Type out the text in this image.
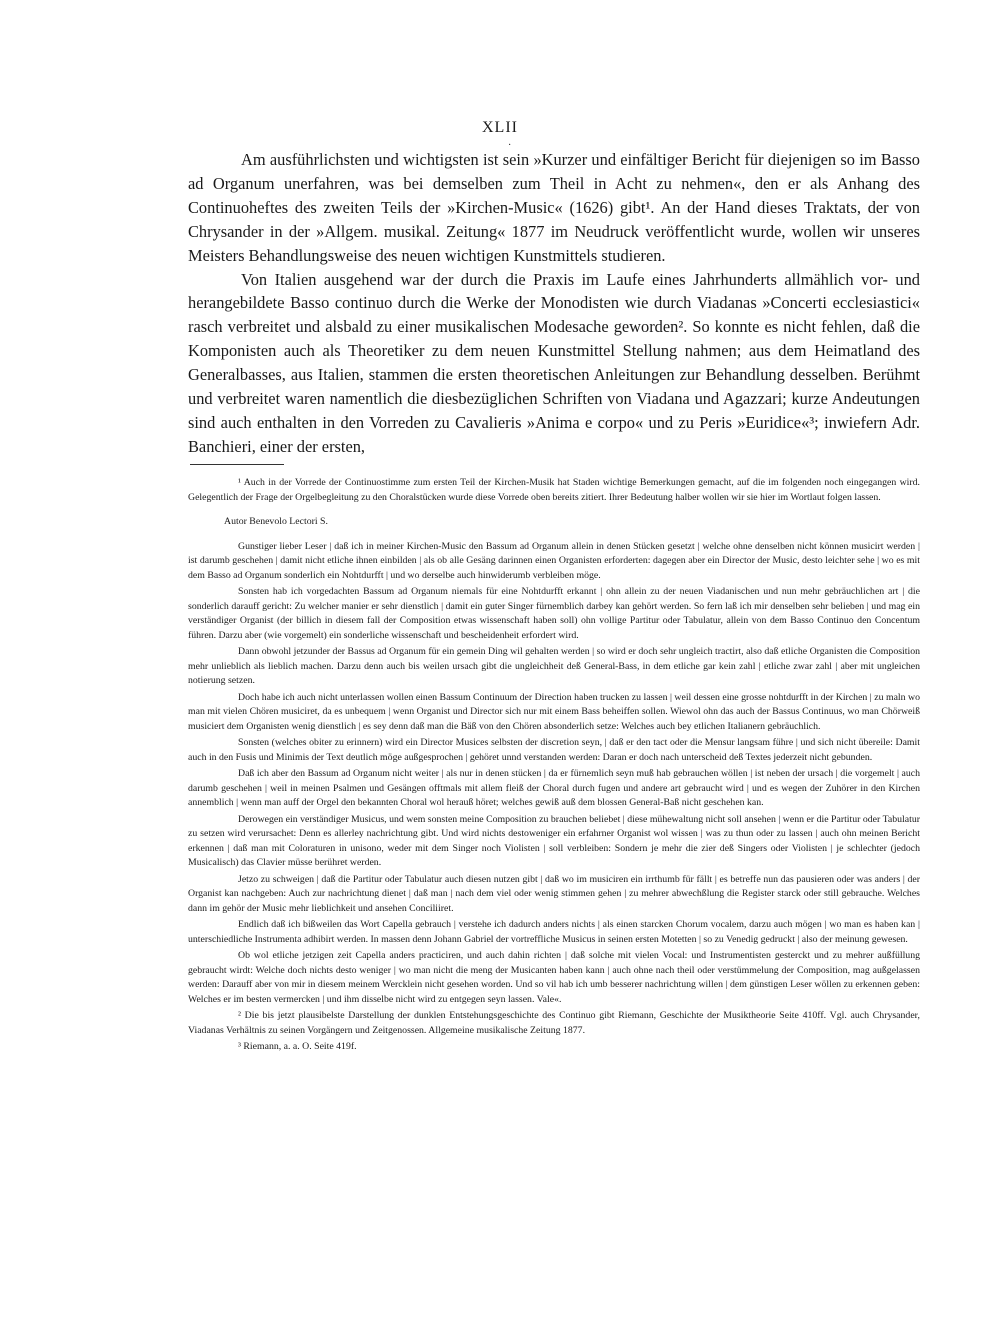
XLII
·

Am ausführlichsten und wichtigsten ist sein »Kurzer und einfältiger Bericht für diejenigen so im Basso ad Organum unerfahren, was bei demselben zum Theil in Acht zu nehmen«, den er als Anhang des Continuoheftes des zweiten Teils der »Kirchen-Music« (1626) gibt¹. An der Hand dieses Traktats, der von Chrysander in der »Allgem. musikal. Zeitung« 1877 im Neudruck veröffentlicht wurde, wollen wir unseres Meisters Behandlungsweise des neuen wichtigen Kunstmittels studieren.

Von Italien ausgehend war der durch die Praxis im Laufe eines Jahrhunderts allmählich vor- und herangebildete Basso continuo durch die Werke der Monodisten wie durch Viadanas »Concerti ecclesiastici« rasch verbreitet und alsbald zu einer musikalischen Modesache geworden². So konnte es nicht fehlen, daß die Komponisten auch als Theoretiker zu dem neuen Kunstmittel Stellung nahmen; aus dem Heimatland des Generalbasses, aus Italien, stammen die ersten theoretischen Anleitungen zur Behandlung desselben. Berühmt und verbreitet waren namentlich die diesbezüglichen Schriften von Viadana und Agazzari; kurze Andeutungen sind auch enthalten in den Vorreden zu Cavalieris »Anima e corpo« und zu Peris »Euridice«³; inwiefern Adr. Banchieri, einer der ersten,

¹ Auch in der Vorrede der Continuostimme zum ersten Teil der Kirchen-Musik hat Staden wichtige Bemerkungen gemacht, auf die im folgenden noch eingegangen wird. Gelegentlich der Frage der Orgelbegleitung zu den Choralstücken wurde diese Vorrede oben bereits zitiert. Ihrer Bedeutung halber wollen wir sie hier im Wortlaut folgen lassen.

Autor Benevolo Lectori S.

Gunstiger lieber Leser | daß ich in meiner Kirchen-Music den Bassum ad Organum allein in denen Stücken gesetzt | welche ohne denselben nicht können musicirt werden | ist darumb geschehen | damit nicht etliche ihnen einbilden | als ob alle Gesäng darinnen einen Organisten erforderten: dagegen aber ein Director der Music, desto leichter sehe | wo es mit dem Basso ad Organum sonderlich ein Nohtdurfft | und wo derselbe auch hinwiderumb verbleiben möge.

Sonsten hab ich vorgedachten Bassum ad Organum niemals für eine Nohtdurfft erkannt | ohn allein zu der neuen Viadanischen und nun mehr gebräuchlichen art | die sonderlich darauff gericht: Zu welcher manier er sehr dienstlich | damit ein guter Singer fürnemblich darbey kan gehört werden. So fern laß ich mir denselben sehr belieben | und mag ein verständiger Organist (der billich in diesem fall der Composition etwas wissenschaft haben soll) ohn vollige Partitur oder Tabulatur, allein von dem Basso Continuo den Concentum führen. Darzu aber (wie vorgemelt) ein sonderliche wissenschaft und bescheidenheit erfordert wird.

Dann obwohl jetzunder der Bassus ad Organum für ein gemein Ding wil gehalten werden | so wird er doch sehr ungleich tractirt, also daß etliche Organisten die Composition mehr unlieblich als lieblich machen. Darzu denn auch bis weilen ursach gibt die ungleichheit deß General-Bass, in dem etliche gar kein zahl | etliche zwar zahl | aber mit ungleichen notierung setzen.

Doch habe ich auch nicht unterlassen wollen einen Bassum Continuum der Direction haben trucken zu lassen | weil dessen eine grosse nohtdurfft in der Kirchen | zu maln wo man mit vielen Chören musiciret, da es unbequem | wenn Organist und Director sich nur mit einem Bass beheiffen sollen. Wiewol ohn das auch der Bassus Continuus, wo man Chörweiß musiciert dem Organisten wenig dienstlich | es sey denn daß man die Bäß von den Chören absonderlich setze: Welches auch bey etlichen Italianern gebräuchlich.

Sonsten (welches obiter zu erinnern) wird ein Director Musices selbsten der discretion seyn, | daß er den tact oder die Mensur langsam führe | und sich nicht übereile: Damit auch in den Fusis und Minimis der Text deutlich möge außgesprochen | gehöret unnd verstanden werden: Daran er doch nach unterscheid deß Textes jederzeit nicht gebunden.

Daß ich aber den Bassum ad Organum nicht weiter | als nur in denen stücken | da er fürnemlich seyn muß hab gebrauchen wöllen | ist neben der ursach | die vorgemelt | auch darumb geschehen | weil in meinen Psalmen und Gesängen offtmals mit allem fleiß der Choral durch fugen und andere art gebraucht wird | und es wegen der Zuhörer in den Kirchen annemblich | wenn man auff der Orgel den bekannten Choral wol herauß höret; welches gewiß auß dem blossen General-Baß nicht geschehen kan.

Derowegen ein verständiger Musicus, und wem sonsten meine Composition zu brauchen beliebet | diese mühewaltung nicht soll ansehen | wenn er die Partitur oder Tabulatur zu setzen wird verursachet: Denn es allerley nachrichtung gibt. Und wird nichts destoweniger ein erfahrner Organist wol wissen | was zu thun oder zu lassen | auch ohn meinen Bericht erkennen | daß man mit Coloraturen in unisono, weder mit dem Singer noch Violisten | soll verbleiben: Sondern je mehr die zier deß Singers oder Violisten | je schlechter (jedoch Musicalisch) das Clavier müsse berühret werden.

Jetzo zu schweigen | daß die Partitur oder Tabulatur auch diesen nutzen gibt | daß wo im musiciren ein irrthumb für fällt | es betreffe nun das pausieren oder was anders | der Organist kan nachgeben: Auch zur nachrichtung dienet | daß man | nach dem viel oder wenig stimmen gehen | zu mehrer abwechßlung die Register starck oder still gebrauche. Welches dann im gehör der Music mehr lieblichkeit und ansehen Conciliiret.

Endlich daß ich bißweilen das Wort Capella gebrauch | verstehe ich dadurch anders nichts | als einen starcken Chorum vocalem, darzu auch mögen | wo man es haben kan | unterschiedliche Instrumenta adhibirt werden. In massen denn Johann Gabriel der vortreffliche Musicus in seinen ersten Motetten | so zu Venedig gedruckt | also der meinung gewesen.

Ob wol etliche jetzigen zeit Capella anders practiciren, und auch dahin richten | daß solche mit vielen Vocal: und Instrumentisten gesterckt und zu mehrer außfüllung gebraucht wirdt: Welche doch nichts desto weniger | wo man nicht die meng der Musicanten haben kann | auch ohne nach theil oder verstümmelung der Composition, mag außgelassen werden: Darauff aber von mir in diesem meinem Wercklein nicht gesehen worden. Und so vil hab ich umb besserer nachrichtung willen | dem günstigen Leser wöllen zu erkennen geben: Welches er im besten vermercken | und ihm disselbe nicht wird zu entgegen seyn lassen. Vale«.

² Die bis jetzt plausibelste Darstellung der dunklen Entstehungsgeschichte des Continuo gibt Riemann, Geschichte der Musiktheorie Seite 410ff. Vgl. auch Chrysander, Viadanas Verhältnis zu seinen Vorgängern und Zeitgenossen. Allgemeine musikalische Zeitung 1877.

³ Riemann, a. a. O. Seite 419f.
